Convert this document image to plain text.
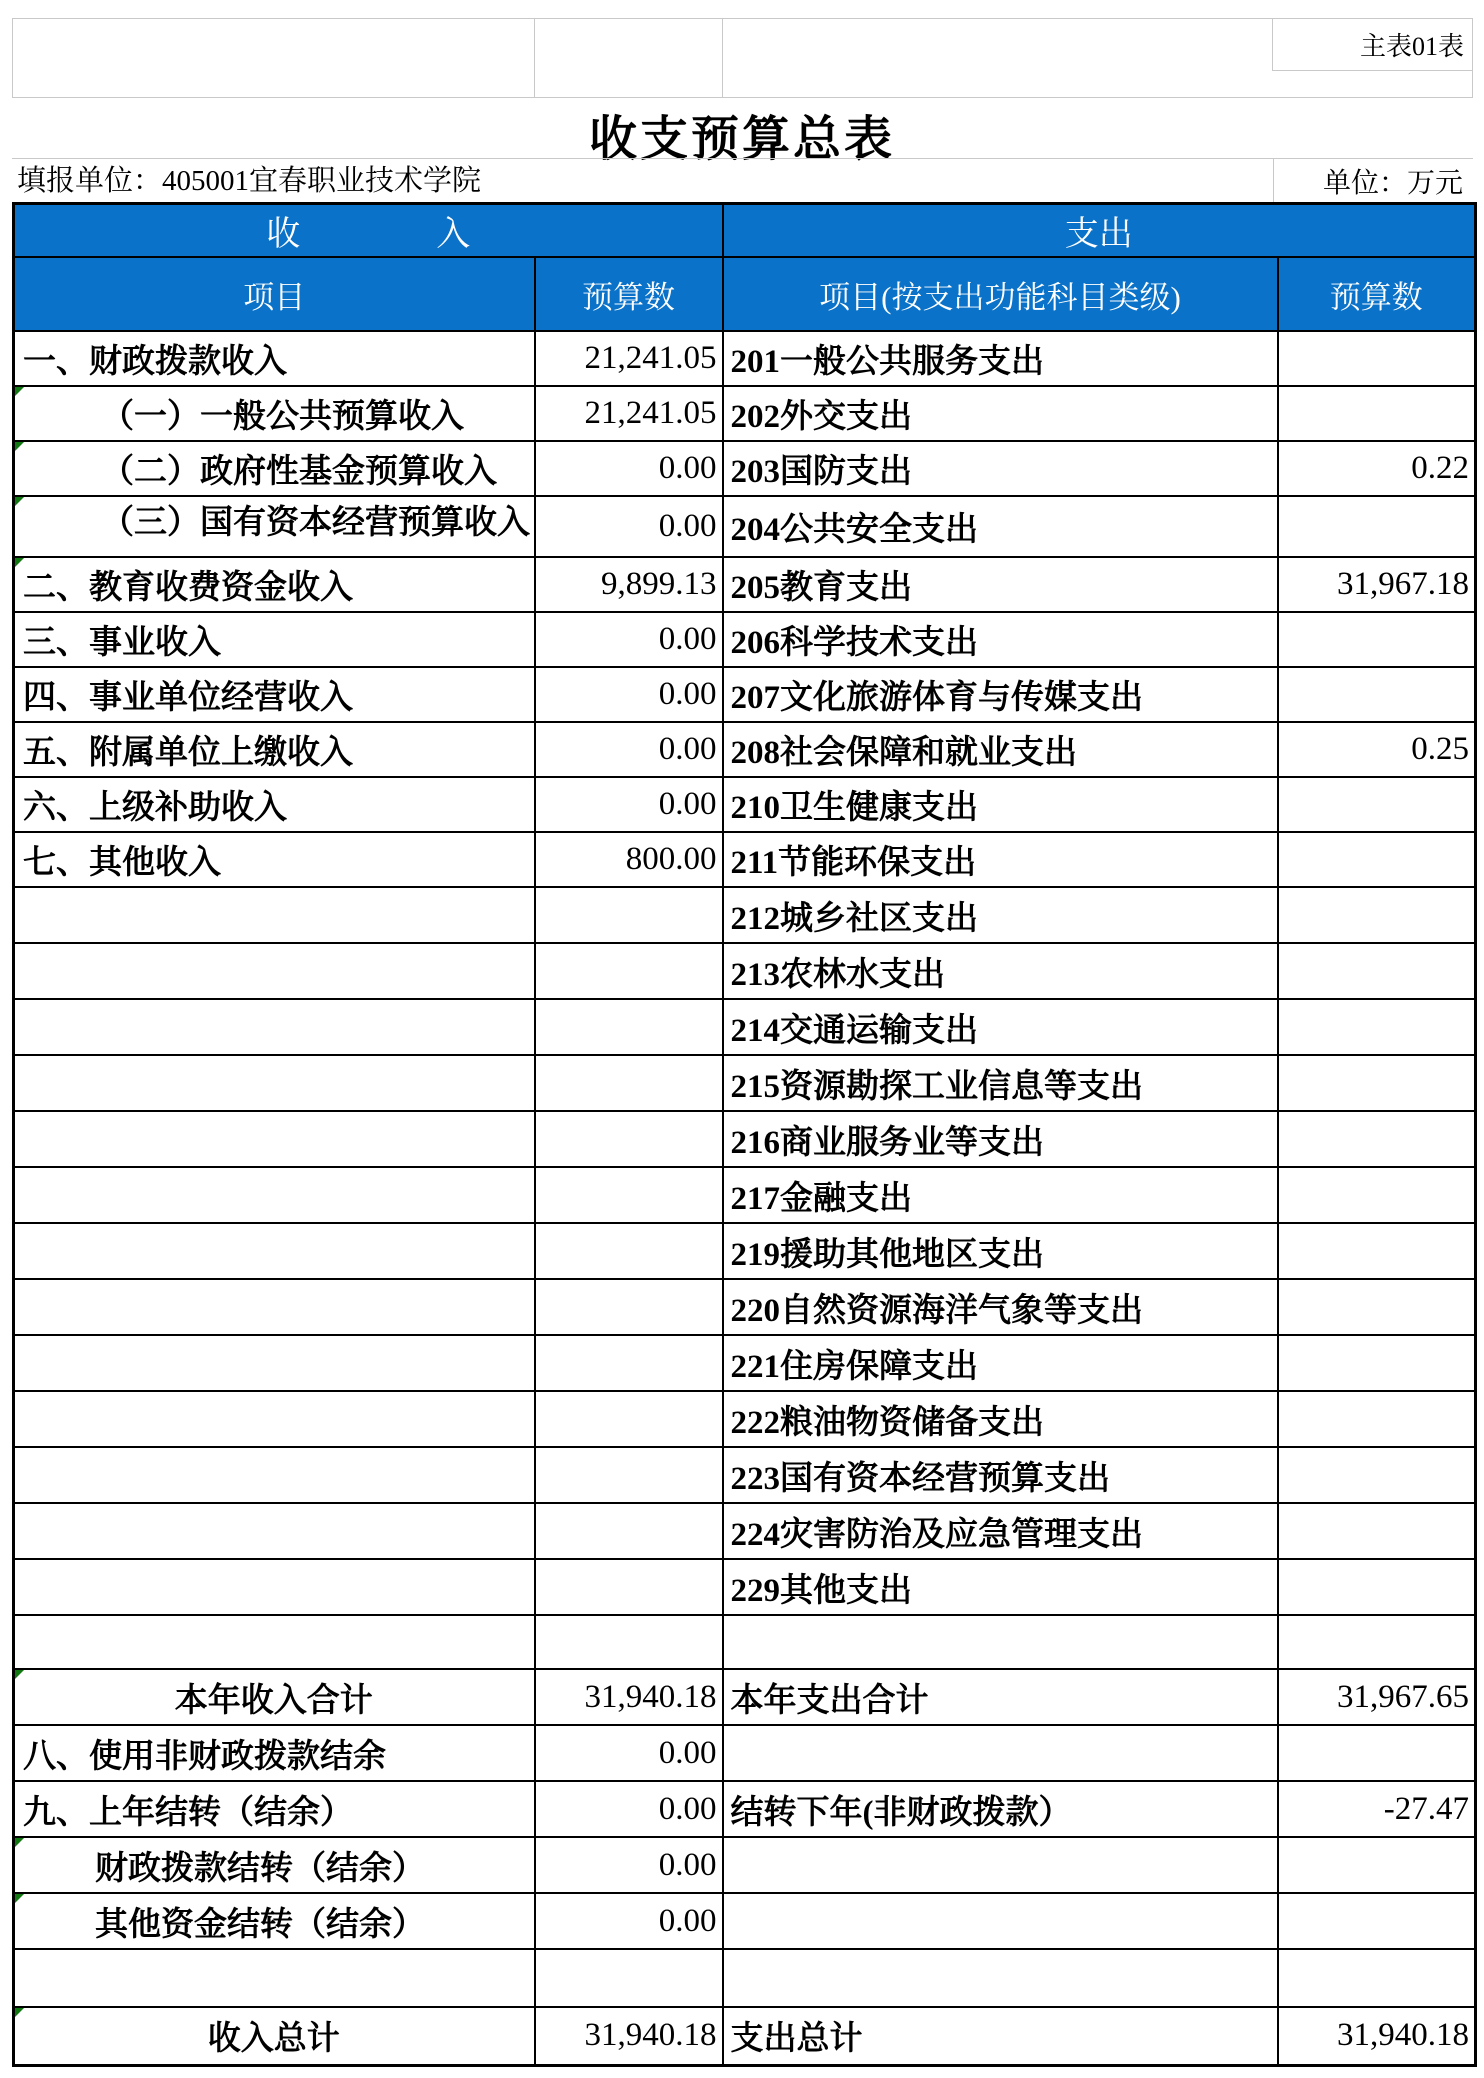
主表01表
收支预算总表
填报单位：405001宜春职业技术学院	单位：万元
收　　　　入		支出	
项目	预算数	项目(按支出功能科目类级)	预算数
一、财政拨款收入	21,241.05	201一般公共服务支出	

（一）一般公共预算收入	21,241.05	202外交支出	

（二）政府性基金预算收入	0.00	203国防支出	0.22

（三）国有资本经营预算收入	0.00	204公共安全支出	

二、教育收费资金收入	9,899.13	205教育支出	31,967.18
三、事业收入	0.00	206科学技术支出	
四、事业单位经营收入	0.00	207文化旅游体育与传媒支出	
五、附属单位上缴收入	0.00	208社会保障和就业支出	0.25
六、上级补助收入	0.00	210卫生健康支出	
七、其他收入	800.00	211节能环保支出	
		212城乡社区支出	
		213农林水支出	
		214交通运输支出	
		215资源勘探工业信息等支出	
		216商业服务业等支出	
		217金融支出	
		219援助其他地区支出	
		220自然资源海洋气象等支出	
		221住房保障支出	
		222粮油物资储备支出	
		223国有资本经营预算支出	
		224灾害防治及应急管理支出	
		229其他支出	

本年收入合计	31,940.18	本年支出合计	31,967.65
八、使用非财政拨款结余	0.00		
九、上年结转（结余）	0.00	结转下年(非财政拨款）	-27.47

财政拨款结转（结余）	0.00		

其他资金结转（结余）	0.00		

收入总计	31,940.18	支出总计	31,940.18
